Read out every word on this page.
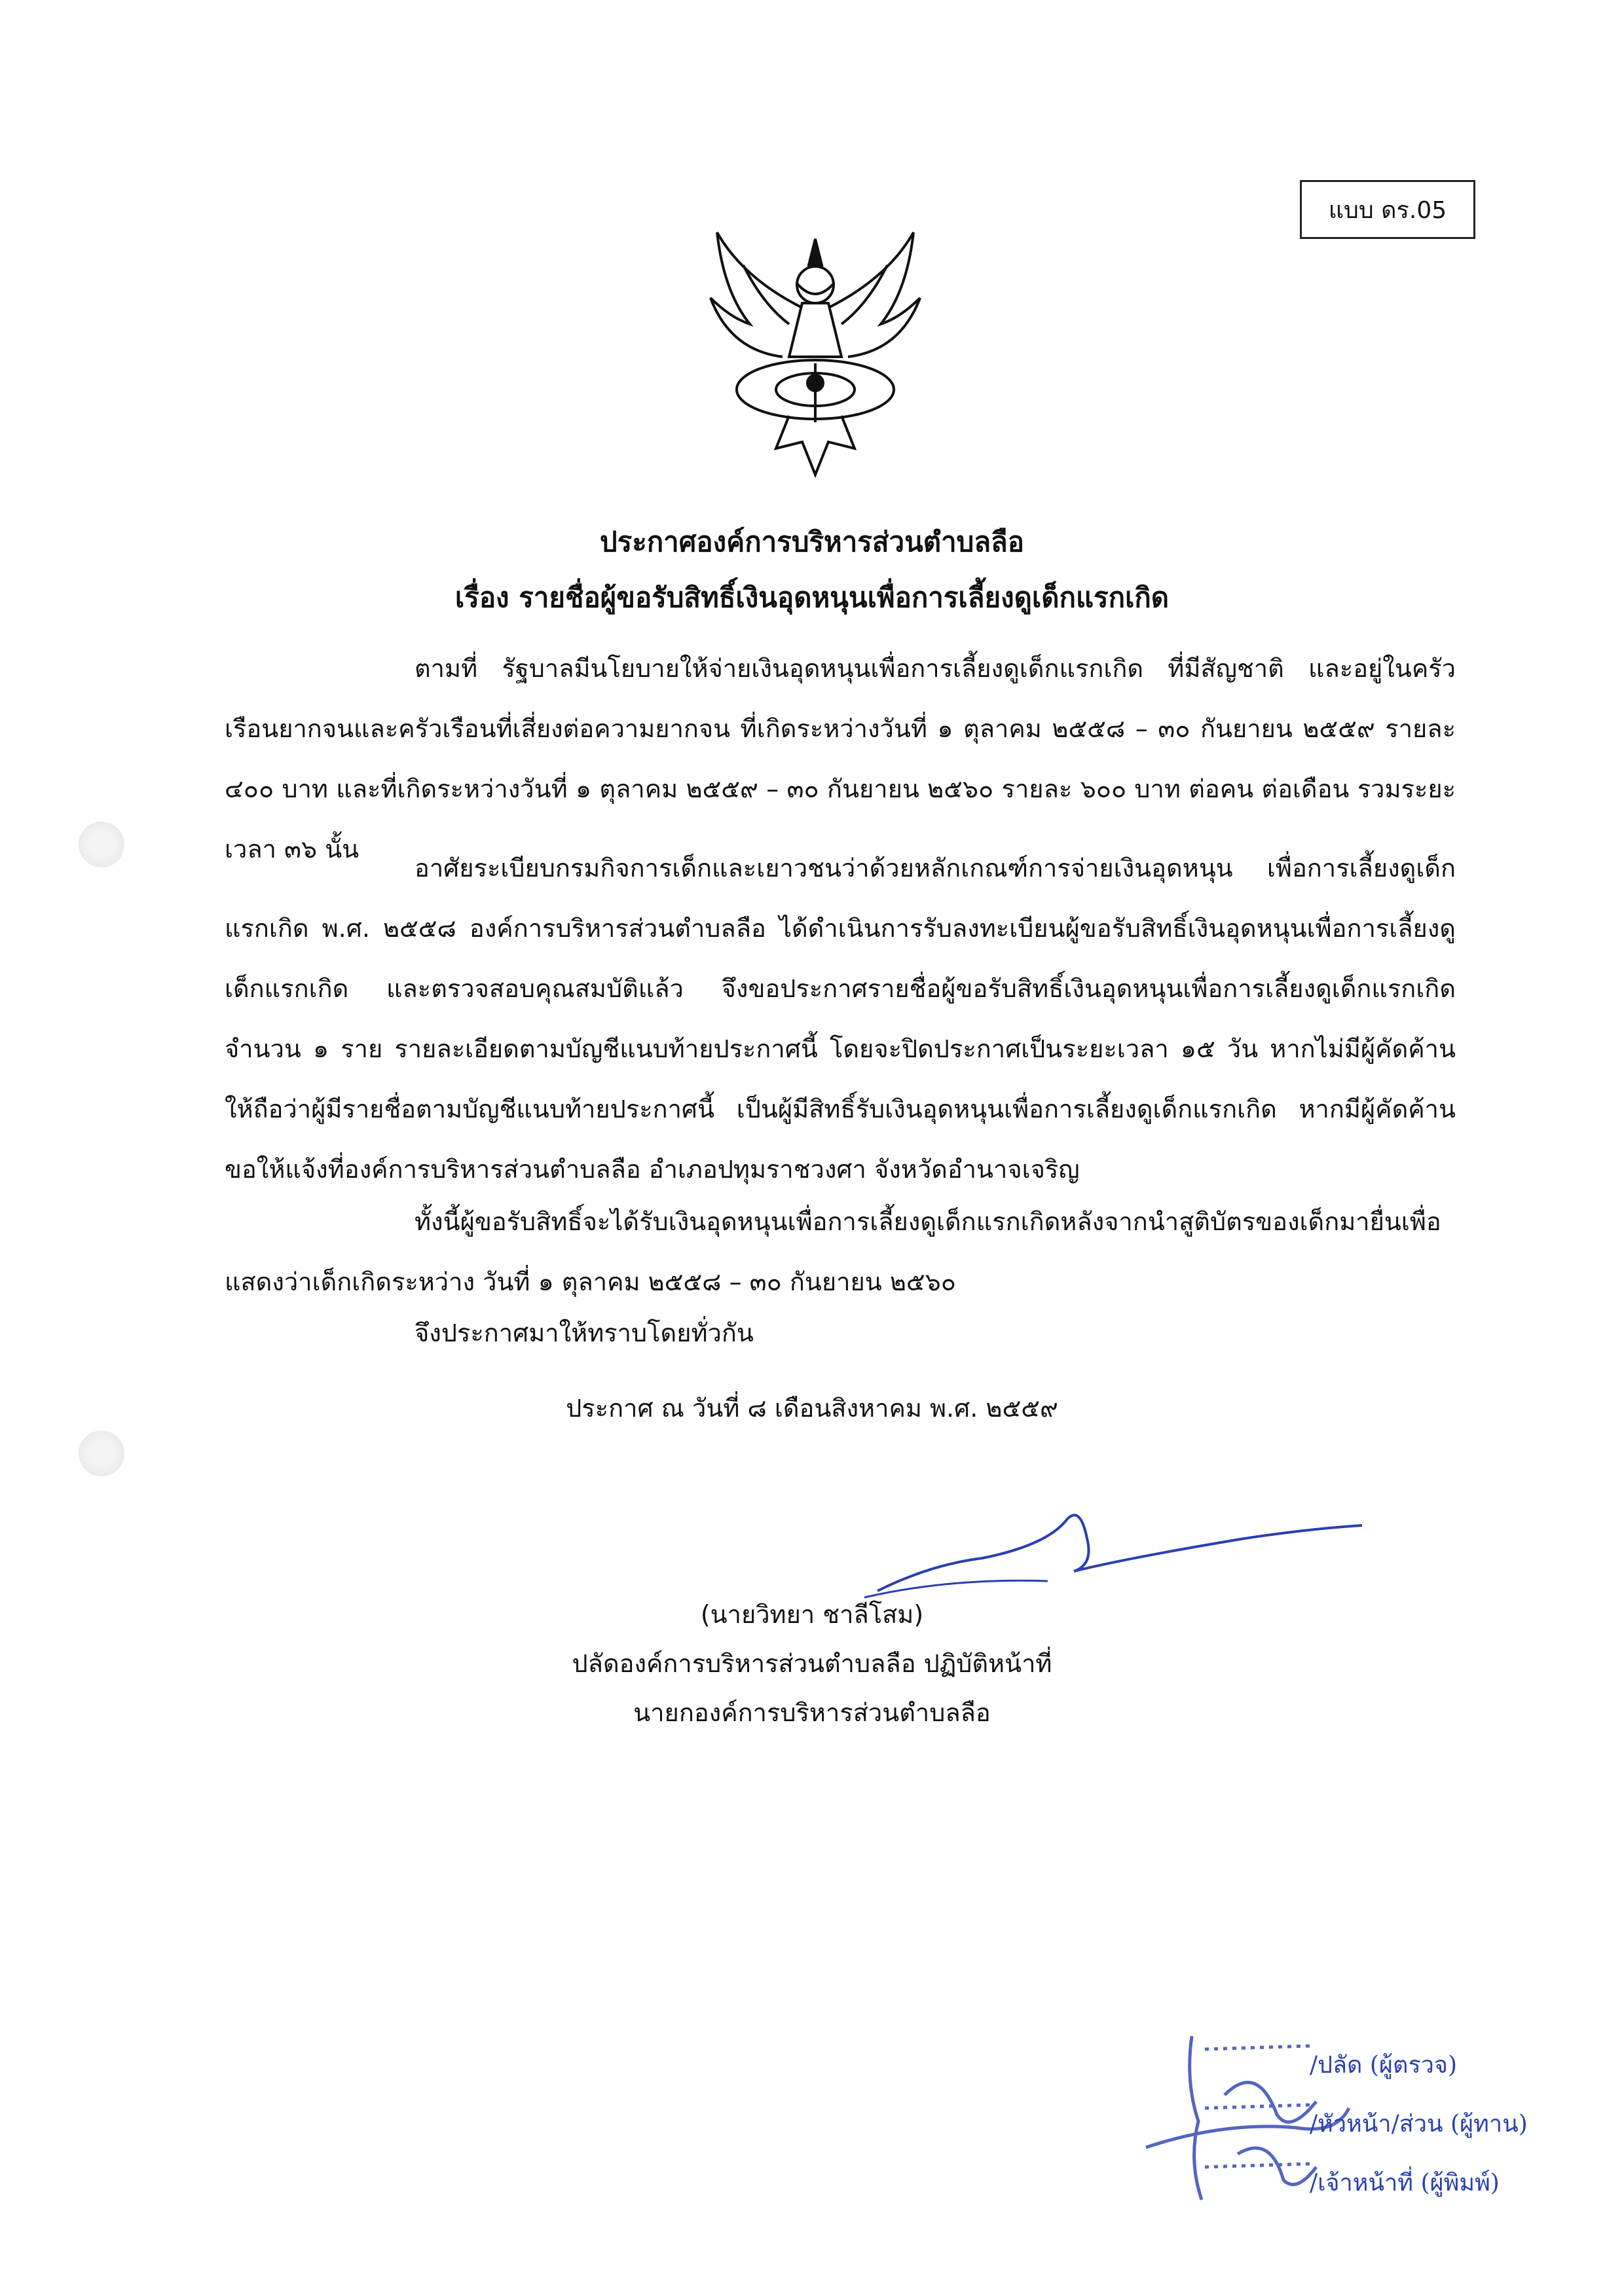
แบบ ดร.05
ประกาศองค์การบริหารส่วนตำบลลือ
เรื่อง รายชื่อผู้ขอรับสิทธิ์เงินอุดหนุนเพื่อการเลี้ยงดูเด็กแรกเกิด
ตามที่ รัฐบาลมีนโยบายให้จ่ายเงินอุดหนุนเพื่อการเลี้ยงดูเด็กแรกเกิด ที่มีสัญชาติ และอยู่ในครัวเรือนยากจนและครัวเรือนที่เสี่ยงต่อความยากจน ที่เกิดระหว่างวันที่ ๑ ตุลาคม ๒๕๕๘ – ๓๐ กันยายน ๒๕๕๙ รายละ ๔๐๐ บาท และที่เกิดระหว่างวันที่ ๑ ตุลาคม ๒๕๕๙ – ๓๐ กันยายน ๒๕๖๐ รายละ ๖๐๐ บาท ต่อคน ต่อเดือน รวมระยะเวลา ๓๖ นั้น
อาศัยระเบียบกรมกิจการเด็กและเยาวชนว่าด้วยหลักเกณฑ์การจ่ายเงินอุดหนุน เพื่อการเลี้ยงดูเด็กแรกเกิด พ.ศ. ๒๕๕๘ องค์การบริหารส่วนตำบลลือ ได้ดำเนินการรับลงทะเบียนผู้ขอรับสิทธิ์เงินอุดหนุนเพื่อการเลี้ยงดูเด็กแรกเกิด และตรวจสอบคุณสมบัติแล้ว จึงขอประกาศรายชื่อผู้ขอรับสิทธิ์เงินอุดหนุนเพื่อการเลี้ยงดูเด็กแรกเกิด จำนวน ๑ ราย รายละเอียดตามบัญชีแนบท้ายประกาศนี้ โดยจะปิดประกาศเป็นระยะเวลา ๑๕ วัน หากไม่มีผู้คัดค้าน ให้ถือว่าผู้มีรายชื่อตามบัญชีแนบท้ายประกาศนี้ เป็นผู้มีสิทธิ์รับเงินอุดหนุนเพื่อการเลี้ยงดูเด็กแรกเกิด หากมีผู้คัดค้านขอให้แจ้งที่องค์การบริหารส่วนตำบลลือ อำเภอปทุมราชวงศา จังหวัดอำนาจเจริญ
ทั้งนี้ผู้ขอรับสิทธิ์จะได้รับเงินอุดหนุนเพื่อการเลี้ยงดูเด็กแรกเกิดหลังจากนำสูติบัตรของเด็กมายื่นเพื่อแสดงว่าเด็กเกิดระหว่าง วันที่ ๑ ตุลาคม ๒๕๕๘ – ๓๐ กันยายน ๒๕๖๐
จึงประกาศมาให้ทราบโดยทั่วกัน
ประกาศ ณ วันที่ ๘ เดือนสิงหาคม พ.ศ. ๒๕๕๙
(นายวิทยา ชาลีโสม)
ปลัดองค์การบริหารส่วนตำบลลือ ปฏิบัติหน้าที่
นายกองค์การบริหารส่วนตำบลลือ
/ปลัด (ผู้ตรวจ)
/หัวหน้า/ส่วน (ผู้ทาน)
/เจ้าหน้าที่ (ผู้พิมพ์)
